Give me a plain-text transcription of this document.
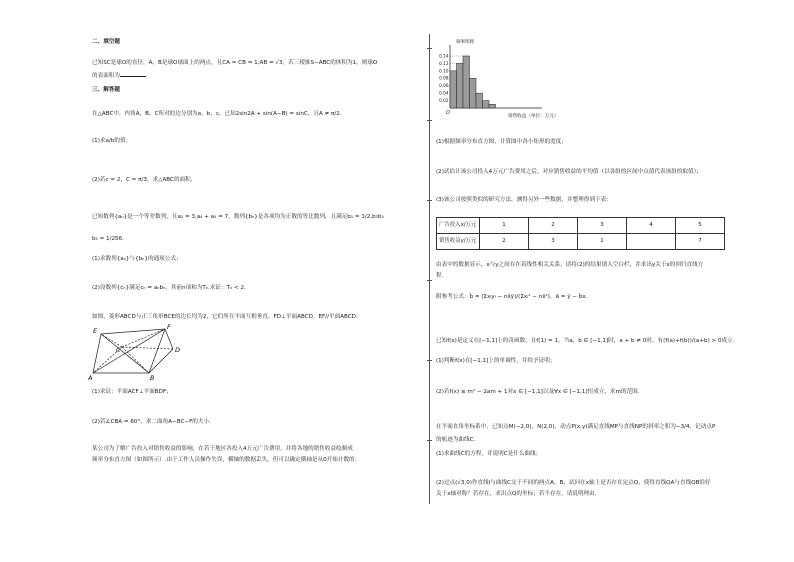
二、填空题
已知SC是球O的直径，A，B是球O球面上的两点，且CA = CB = 1,AB = √3，若三棱锥S−ABC的体积为1，则球O
的表面积为
三、解答题
在△ABC中，内角A，B，C所对的边分别为a，b，c，已知2sin2A + sin(A−B) = sinC，且A ≠ π/2.
(1)求a/b的值；
(2)若c = 2，C = π/3，求△ABC的面积.
已知数列{aₙ}是一个等差数列，且a₂ = 3,a₄ + a₅ = 7，数列{bₙ}是各项均为正数的等比数列，且满足b₁ = 1/2,b₃b₅
b₅ = 1/256.
(1)求数列{aₙ}与{bₙ}的通项公式；
(2)设数列{cₙ}满足cₙ = aₙbₙ，其前n项和为Tₙ.求证：Tₙ < 2.
如图，菱形ABCD与正三角形BCE的边长均为2，它们所在平面互相垂直，FD⊥平面ABCD，EF//平面ABCD.
E	F
C	D
A	B
(1)求证：平面ACF⊥平面BDF；
(2)若∠CBA = 60°，求二面角A−BC−F的大小.
某公司为了解广告投入对销售收益的影响，在若干地区各投入4万元广告费用，并将各地的销售收益绘制成
频率分布直方图（如图所示）.由于工作人员操作失误，横轴的数据丢失，但可以确定横轴是从0开始计数的.
0.14
0.12
0.10
0.08
0.06
0.04
0.02
频率组距
销售收益（单位：万元）
O
(1)根据频率分布直方图，计算图中各小矩形的宽度；
(2)试估计该公司投入4万元广告费用之后，对应销售收益的平均值（以各组的区间中点值代表该组的取值）；
(3)该公司按照类似的研究方法，测得另外一些数据，并整理得到下表：
广告投入x/万元	1	2	3	4	5
销售收益y/万元	2	3	1		7
由表中的数据显示，x与y之间存在着线性相关关系，请将(2)的结果填入空白栏，并求出y关于x的回归直线方
程.
附参考公式：b̂ = (Σxᵢyᵢ − nx̄ȳ)/(Σxᵢ² − nx̄²)，â = ȳ − b̂x.
已知f(x)是定义在[−1,1]上的奇函数，且f(1) = 1，当a，b ∈ [−1,1]时，a + b ≠ 0时，有(f(a)+f(b))/(a+b) > 0成立.
(1)判断f(x)在[−1,1]上的单调性，并给予证明；
(2)若f(x) ≤ m² − 2am + 1对x ∈ [−1,1]以及∀x ∈ [−1,1]恒成立，求m的范围.
在平面直角坐标系中，已知点M(−2,0)，N(2,0)，动点P(x,y)满足直线MP与直线NP的斜率之积为−3/4，记动点P
的轨迹为曲线C.
(1)求曲线C的方程，并说明C是什么曲线；
(2)过点(√3,0)作直线l与曲线C交于不同的两点A，B，试问在x轴上是否存在定点Q，使得直线QA与直线QB恰好
关于x轴对称？若存在，求出点Q的坐标；若不存在，请说明理由.
